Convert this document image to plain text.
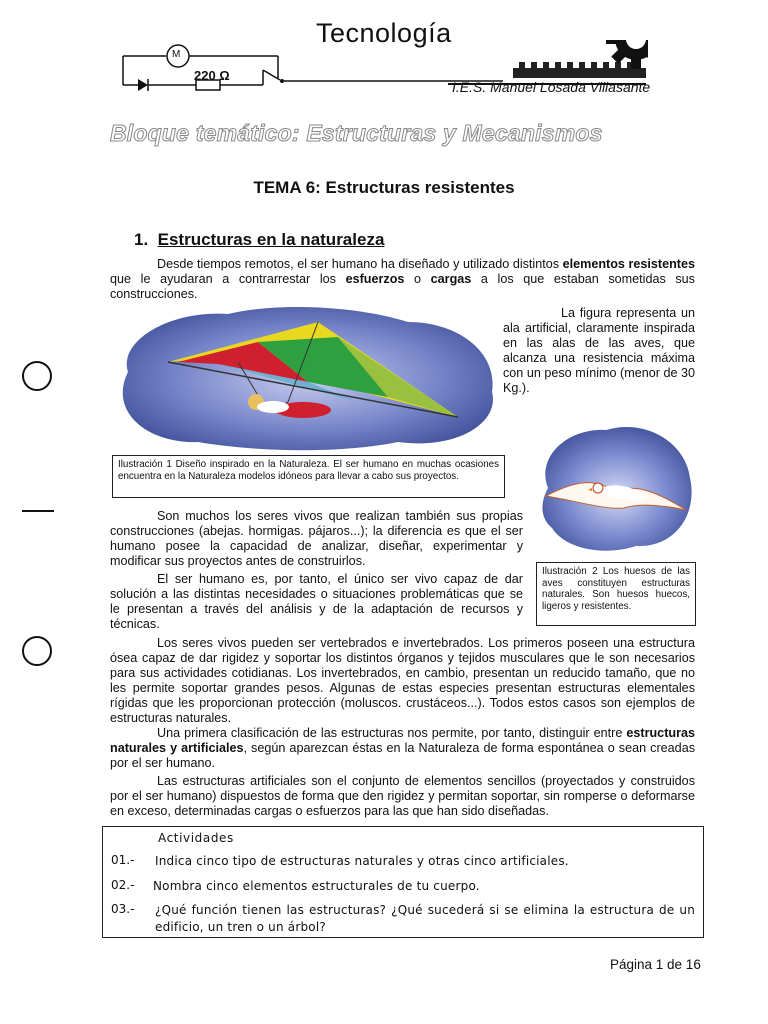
M
220 Ω
Tecnología
I.E.S. Manuel Losada Villasante
Bloque temático: Estructuras y Mecanismos
TEMA 6: Estructuras resistentes
1. Estructuras en la naturaleza

Desde tiempos remotos, el ser humano ha diseñado y utilizado distintos elementos resistentes que le ayudaran a contrarrestar los esfuerzos o cargas a los que estaban sometidas sus construcciones.

La figura representa un ala artificial, claramente inspirada en las alas de las aves, que alcanza una resistencia máxima con un peso mínimo (menor de 30 Kg.).

Ilustración 1 Diseño inspirado en la Naturaleza. El ser humano en muchas ocasiones encuentra en la Naturaleza modelos idóneos para llevar a cabo sus proyectos.
Ilustración 2 Los huesos de las aves constituyen estructuras naturales. Son huesos huecos, ligeros y resistentes.

Son muchos los seres vivos que realizan también sus propias construcciones (abejas. hormigas. pájaros...); la diferencia es que el ser humano posee la capacidad de analizar, diseñar, experimentar y modificar sus proyectos antes de construirlos.

El ser humano es, por tanto, el único ser vivo capaz de dar solución a las distintas necesidades o situaciones problemáticas que se le presentan a través del análisis y de la adaptación de recursos y técnicas.

Los seres vivos pueden ser vertebrados e invertebrados. Los primeros poseen una estructura ósea capaz de dar rigidez y soportar los distintos órganos y tejidos musculares que le son necesarios para sus actividades cotidianas. Los invertebrados, en cambio, presentan un reducido tamaño, que no les permite soportar grandes pesos. Algunas de estas especies presentan estructuras elementales rígidas que les proporcionan protección (moluscos. crustáceos...). Todos estos casos son ejemplos de estructuras naturales.

Una primera clasificación de las estructuras nos permite, por tanto, distinguir entre estructuras naturales y artificiales, según aparezcan éstas en la Naturaleza de forma espontánea o sean creadas por el ser humano.

Las estructuras artificiales son el conjunto de elementos sencillos (proyectados y construidos por el ser humano) dispuestos de forma que den rigidez y permitan soportar, sin romperse o deformarse en exceso, determinadas cargas o esfuerzos para las que han sido diseñadas.

Actividades
01.- Indica cinco tipo de estructuras naturales y otras cinco artificiales.
02.- Nombra cinco elementos estructurales de tu cuerpo.
03.- ¿Qué función tienen las estructuras? ¿Qué sucederá si se elimina la estructura de un edificio, un tren o un árbol?
Página 1 de 16
